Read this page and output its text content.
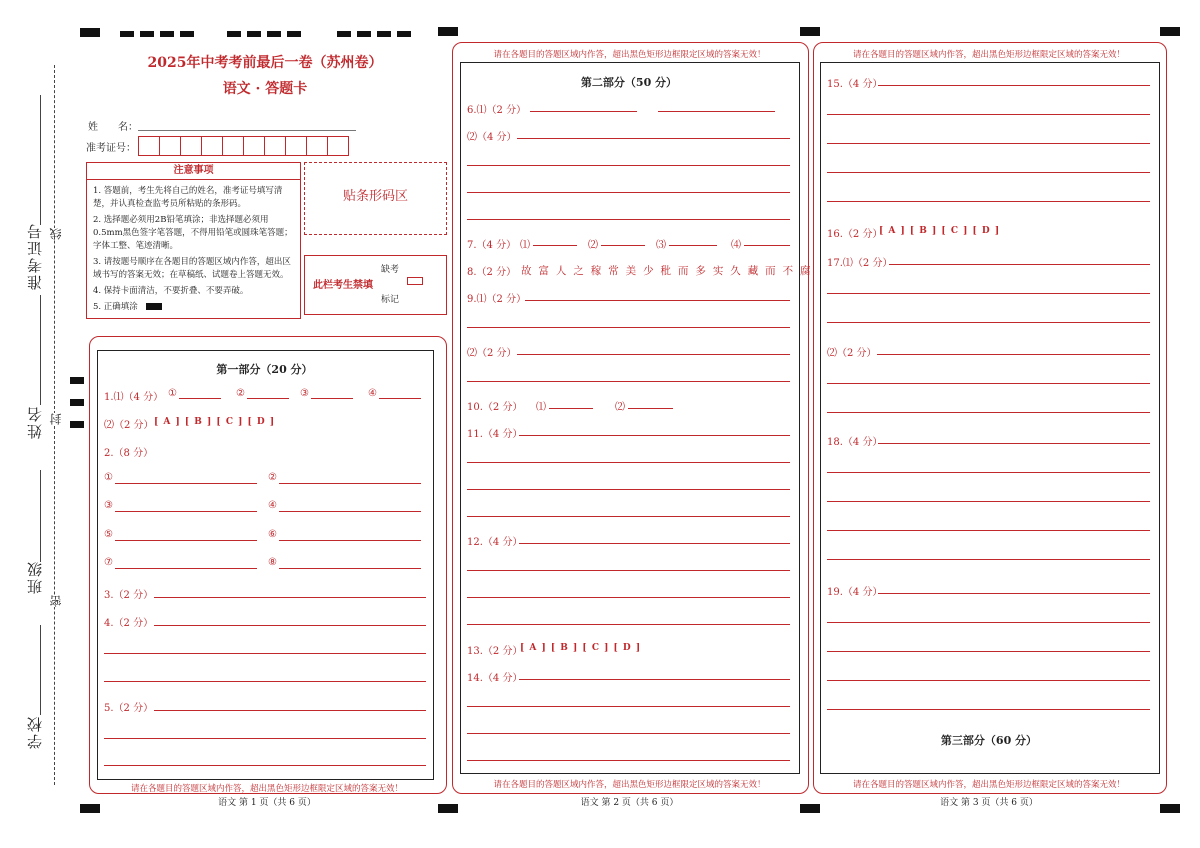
准考证号
姓名
班级
学校
线
封
密
2025年中考考前最后一卷（苏州卷）
语文 · 答题卡
姓　　名：
准考证号：
注意事项
1. 答题前，考生先将自己的姓名，准考证号填写清楚，并认真检查监考员所粘贴的条形码。
2. 选择题必须用2B铅笔填涂；非选择题必须用0.5mm黑色签字笔答题，不得用铅笔或圆珠笔答题；字体工整、笔迹清晰。
3. 请按题号顺序在各题目的答题区域内作答，超出区域书写的答案无效；在草稿纸、试题卷上答题无效。
4. 保持卡面清洁，不要折叠、不要弄破。
5. 正确填涂
贴条形码区
此栏考生禁填
缺考
标记
第一部分（20 分）
1.⑴（4 分） ①	②	③	④
⑵（2 分） [ A ] [ B ] [ C ] [ D ]
2.（8 分）
①	②
③	④
⑤	⑥
⑦	⑧
3.（2 分）
4.（2 分）
5.（2 分）
请在各题目的答题区域内作答，超出黑色矩形边框限定区域的答案无效！
语文 第 1 页（共 6 页）
请在各题目的答题区域内作答，超出黑色矩形边框限定区域的答案无效！
第二部分（50 分）
6.⑴（2 分）
⑵（4 分）
7.（4 分） ⑴	⑵	⑶	⑷
8.（2 分） 故 富 人 之 稼 常 美 少 秕 而 多 实 久 藏 而 不 腐
9.⑴（2 分）
⑵（2 分）
10.（2 分） ⑴	⑵
11.（4 分）
12.（4 分）
13.（2 分）
[ A ] [ B ] [ C ] [ D ]
14.（4 分）
请在各题目的答题区域内作答，超出黑色矩形边框限定区域的答案无效！
语文 第 2 页（共 6 页）
请在各题目的答题区域内作答，超出黑色矩形边框限定区域的答案无效！
15.（4 分）
16.（2 分）
[ A ] [ B ] [ C ] [ D ]
17.⑴（2 分）
⑵（2 分）
18.（4 分）
19.（4 分）
第三部分（60 分）
请在各题目的答题区域内作答，超出黑色矩形边框限定区域的答案无效！
语文 第 3 页（共 6 页）
